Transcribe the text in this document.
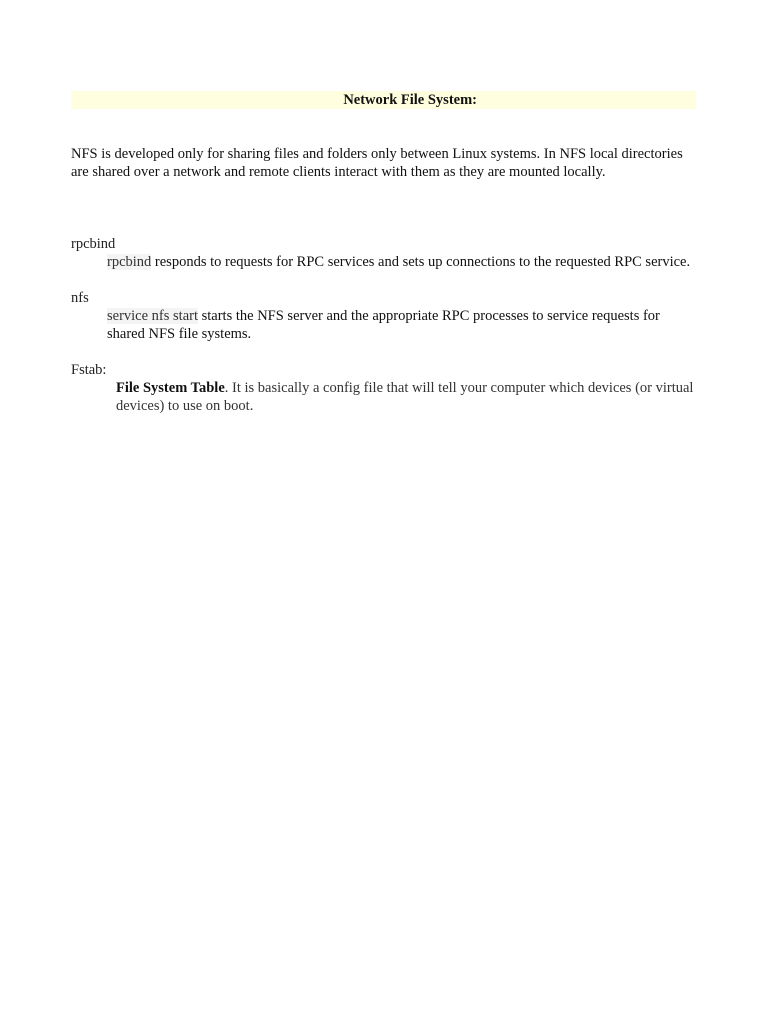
Network File System:

NFS is developed only for sharing files and folders only between Linux systems. In NFS local directories are shared over a network and remote clients interact with them as they are mounted locally.

rpcbind
rpcbind responds to requests for RPC services and sets up connections to the requested RPC service.
nfs
service nfs start starts the NFS server and the appropriate RPC processes to service requests for shared NFS file systems.
Fstab:
File System Table. It is basically a config file that will tell your computer which devices (or virtual devices) to use on boot.
